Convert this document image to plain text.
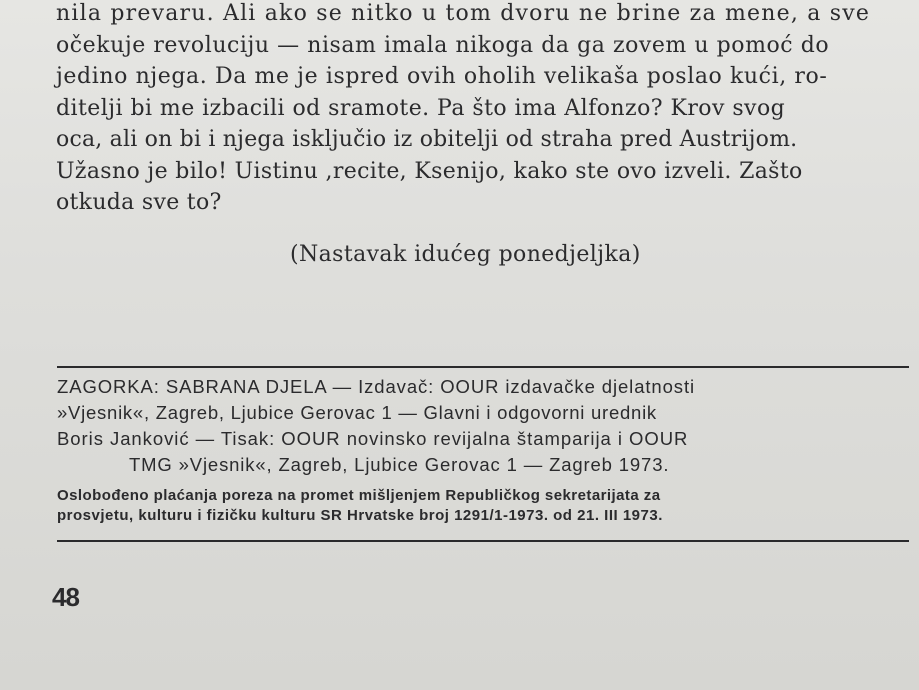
nila prevaru. Ali ako se nitko u tom dvoru ne brine za mene, a sve
očekuje revoluciju — nisam imala nikoga da ga zovem u pomoć do
jedino njega. Da me je ispred ovih oholih velikaša poslao kući, ro-
ditelji bi me izbacili od sramote. Pa što ima Alfonzo? Krov svog
oca, ali on bi i njega isključio iz obitelji od straha pred Austrijom.
Užasno je bilo! Uistinu ,recite, Ksenijo, kako ste ovo izveli. Zašto
otkuda sve to?
(Nastavak idućeg ponedjeljka)
ZAGORKA: SABRANA DJELA — Izdavač: OOUR izdavačke djelatnosti
»Vjesnik«, Zagreb, Ljubice Gerovac 1 — Glavni i odgovorni urednik
Boris Janković — Tisak: OOUR novinsko revijalna štamparija i OOUR
TMG »Vjesnik«, Zagreb, Ljubice Gerovac 1 — Zagreb 1973.
Oslobođeno plaćanja poreza na promet mišljenjem Republičkog sekretarijata za
prosvjetu, kulturu i fizičku kulturu SR Hrvatske broj 1291/1-1973. od 21. III 1973.
48
